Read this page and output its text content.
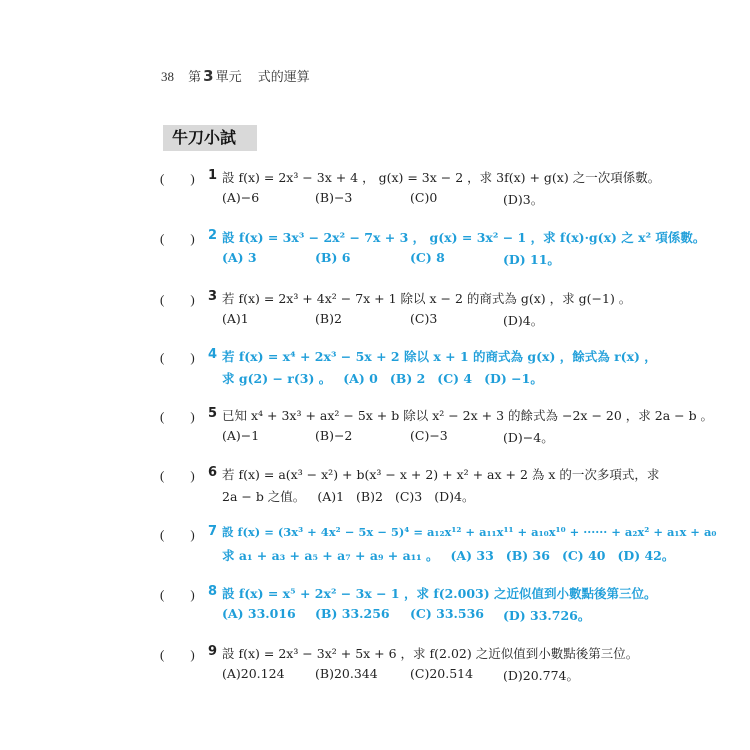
38 第 3 單元 式的運算
牛刀小試
(　　)	1 設 f(x) = 2x³ − 3x + 4 ， g(x) = 3x − 2 ，求 3f(x) + g(x) 之一次項係數。
(A)−6	(B)−3	(C)0	(D)3。
(　　)	2 設 f(x) = 3x³ − 2x² − 7x + 3 ， g(x) = 3x² − 1 ，求 f(x)·g(x) 之 x² 項係數。
(A) 3	(B) 6	(C) 8	(D) 11。
(　　)	3 若 f(x) = 2x³ + 4x² − 7x + 1 除以 x − 2 的商式為 g(x) ，求 g(−1) 。
(A)1	(B)2	(C)3	(D)4。
(　　)	4 若 f(x) = x⁴ + 2x³ − 5x + 2 除以 x + 1 的商式為 g(x) ，餘式為 r(x) ，
求 g(2) − r(3) 。 (A) 0 (B) 2 (C) 4 (D) −1。
(　　)	5 已知 x⁴ + 3x³ + ax² − 5x + b 除以 x² − 2x + 3 的餘式為 −2x − 20 ，求 2a − b 。
(A)−1	(B)−2	(C)−3	(D)−4。
(　　)	6 若 f(x) = a(x³ − x²) + b(x³ − x + 2) + x² + ax + 2 為 x 的一次多項式，求
2a − b 之值。 (A)1 (B)2 (C)3 (D)4。
(　　)	7 設 f(x) = (3x³ + 4x² − 5x − 5)⁴ = a₁₂x¹² + a₁₁x¹¹ + a₁₀x¹⁰ + ······ + a₂x² + a₁x + a₀
求 a₁ + a₃ + a₅ + a₇ + a₉ + a₁₁ 。 (A) 33 (B) 36 (C) 40 (D) 42。
(　　)	8 設 f(x) = x⁵ + 2x² − 3x − 1 ，求 f(2.003) 之近似值到小數點後第三位。
(A) 33.016 (B) 33.256 (C) 33.536 (D) 33.726。
(　　)	9 設 f(x) = 2x³ − 3x² + 5x + 6 ，求 f(2.02) 之近似值到小數點後第三位。
(A)20.124 (B)20.344	(C)20.514 (D)20.774。
